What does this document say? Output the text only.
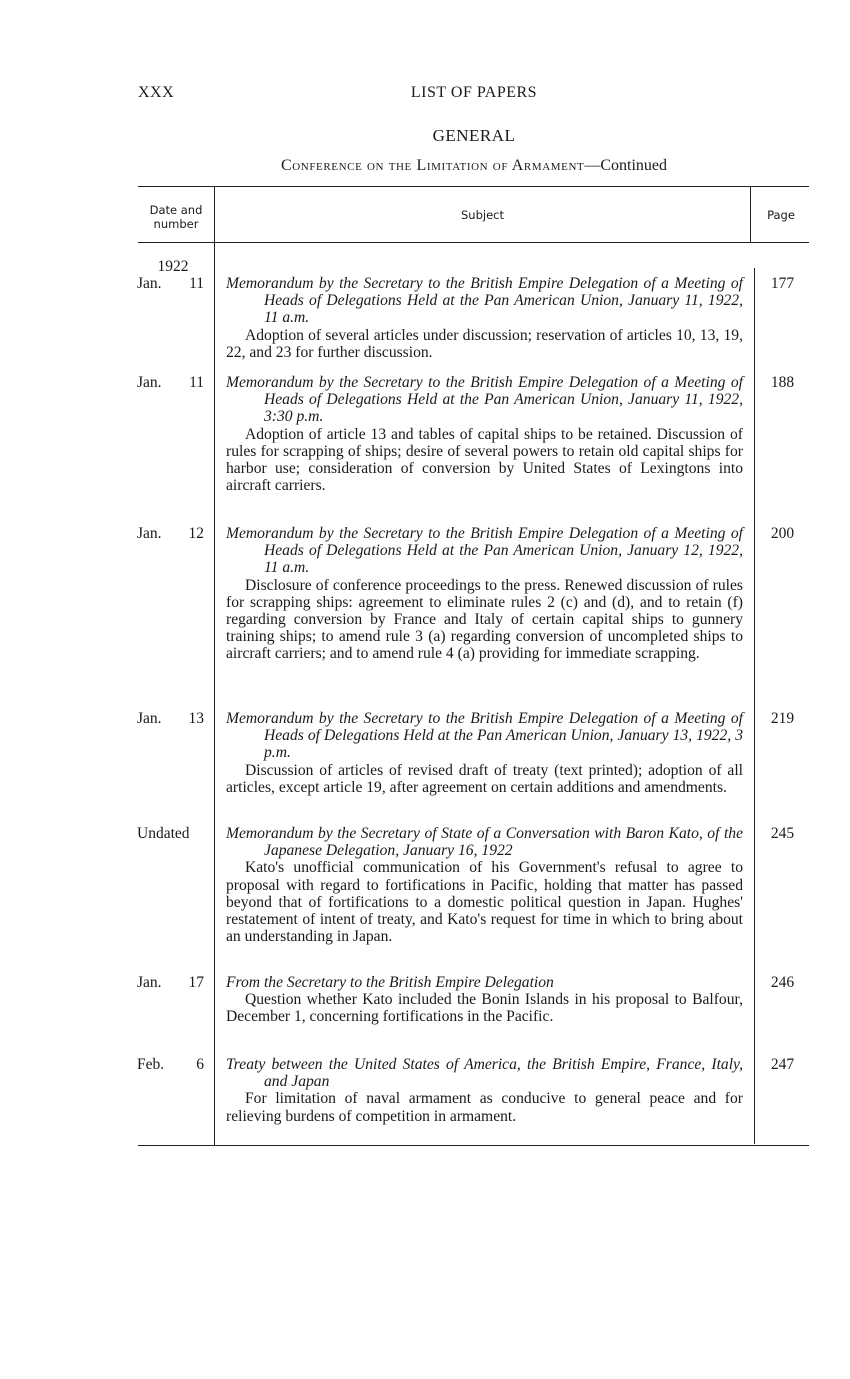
XXX	LIST OF PAPERS
GENERAL
Conference on the Limitation of Armament—Continued
Date and number
Subject	Page
1922
Jan. 11 Memorandum by the Secretary to the British Empire Delegation of a Meeting of Heads of Delegations Held at the Pan American Union, January 11, 1922, 11 a.m.
Adoption of several articles under discussion; reservation of articles 10, 13, 19, 22, and 23 for further discussion.
177
Jan. 11 Memorandum by the Secretary to the British Empire Delegation of a Meeting of Heads of Delegations Held at the Pan American Union, January 11, 1922, 3:30 p.m.
Adoption of article 13 and tables of capital ships to be retained. Discussion of rules for scrapping of ships; desire of several powers to retain old capital ships for harbor use; consideration of conversion by United States of Lexingtons into aircraft carriers.
188
Jan. 12 Memorandum by the Secretary to the British Empire Delegation of a Meeting of Heads of Delegations Held at the Pan American Union, January 12, 1922, 11 a.m.
Disclosure of conference proceedings to the press. Renewed discussion of rules for scrapping ships: agreement to eliminate rules 2 (c) and (d), and to retain (f) regarding conversion by France and Italy of certain capital ships to gunnery training ships; to amend rule 3 (a) regarding conversion of uncompleted ships to aircraft carriers; and to amend rule 4 (a) providing for immediate scrapping.
200
Jan. 13 Memorandum by the Secretary to the British Empire Delegation of a Meeting of Heads of Delegations Held at the Pan American Union, January 13, 1922, 3 p.m.
Discussion of articles of revised draft of treaty (text printed); adoption of all articles, except article 19, after agreement on certain additions and amendments.
219
Undated Memorandum by the Secretary of State of a Conversation with Baron Kato, of the Japanese Delegation, January 16, 1922
Kato's unofficial communication of his Government's refusal to agree to proposal with regard to fortifications in Pacific, holding that matter has passed beyond that of fortifications to a domestic political question in Japan. Hughes' restatement of intent of treaty, and Kato's request for time in which to bring about an understanding in Japan.
245
Jan. 17 From the Secretary to the British Empire Delegation
Question whether Kato included the Bonin Islands in his proposal to Balfour, December 1, concerning fortifications in the Pacific.
246
Feb. 6 Treaty between the United States of America, the British Empire, France, Italy, and Japan
For limitation of naval armament as conducive to general peace and for relieving burdens of competition in armament.
247
